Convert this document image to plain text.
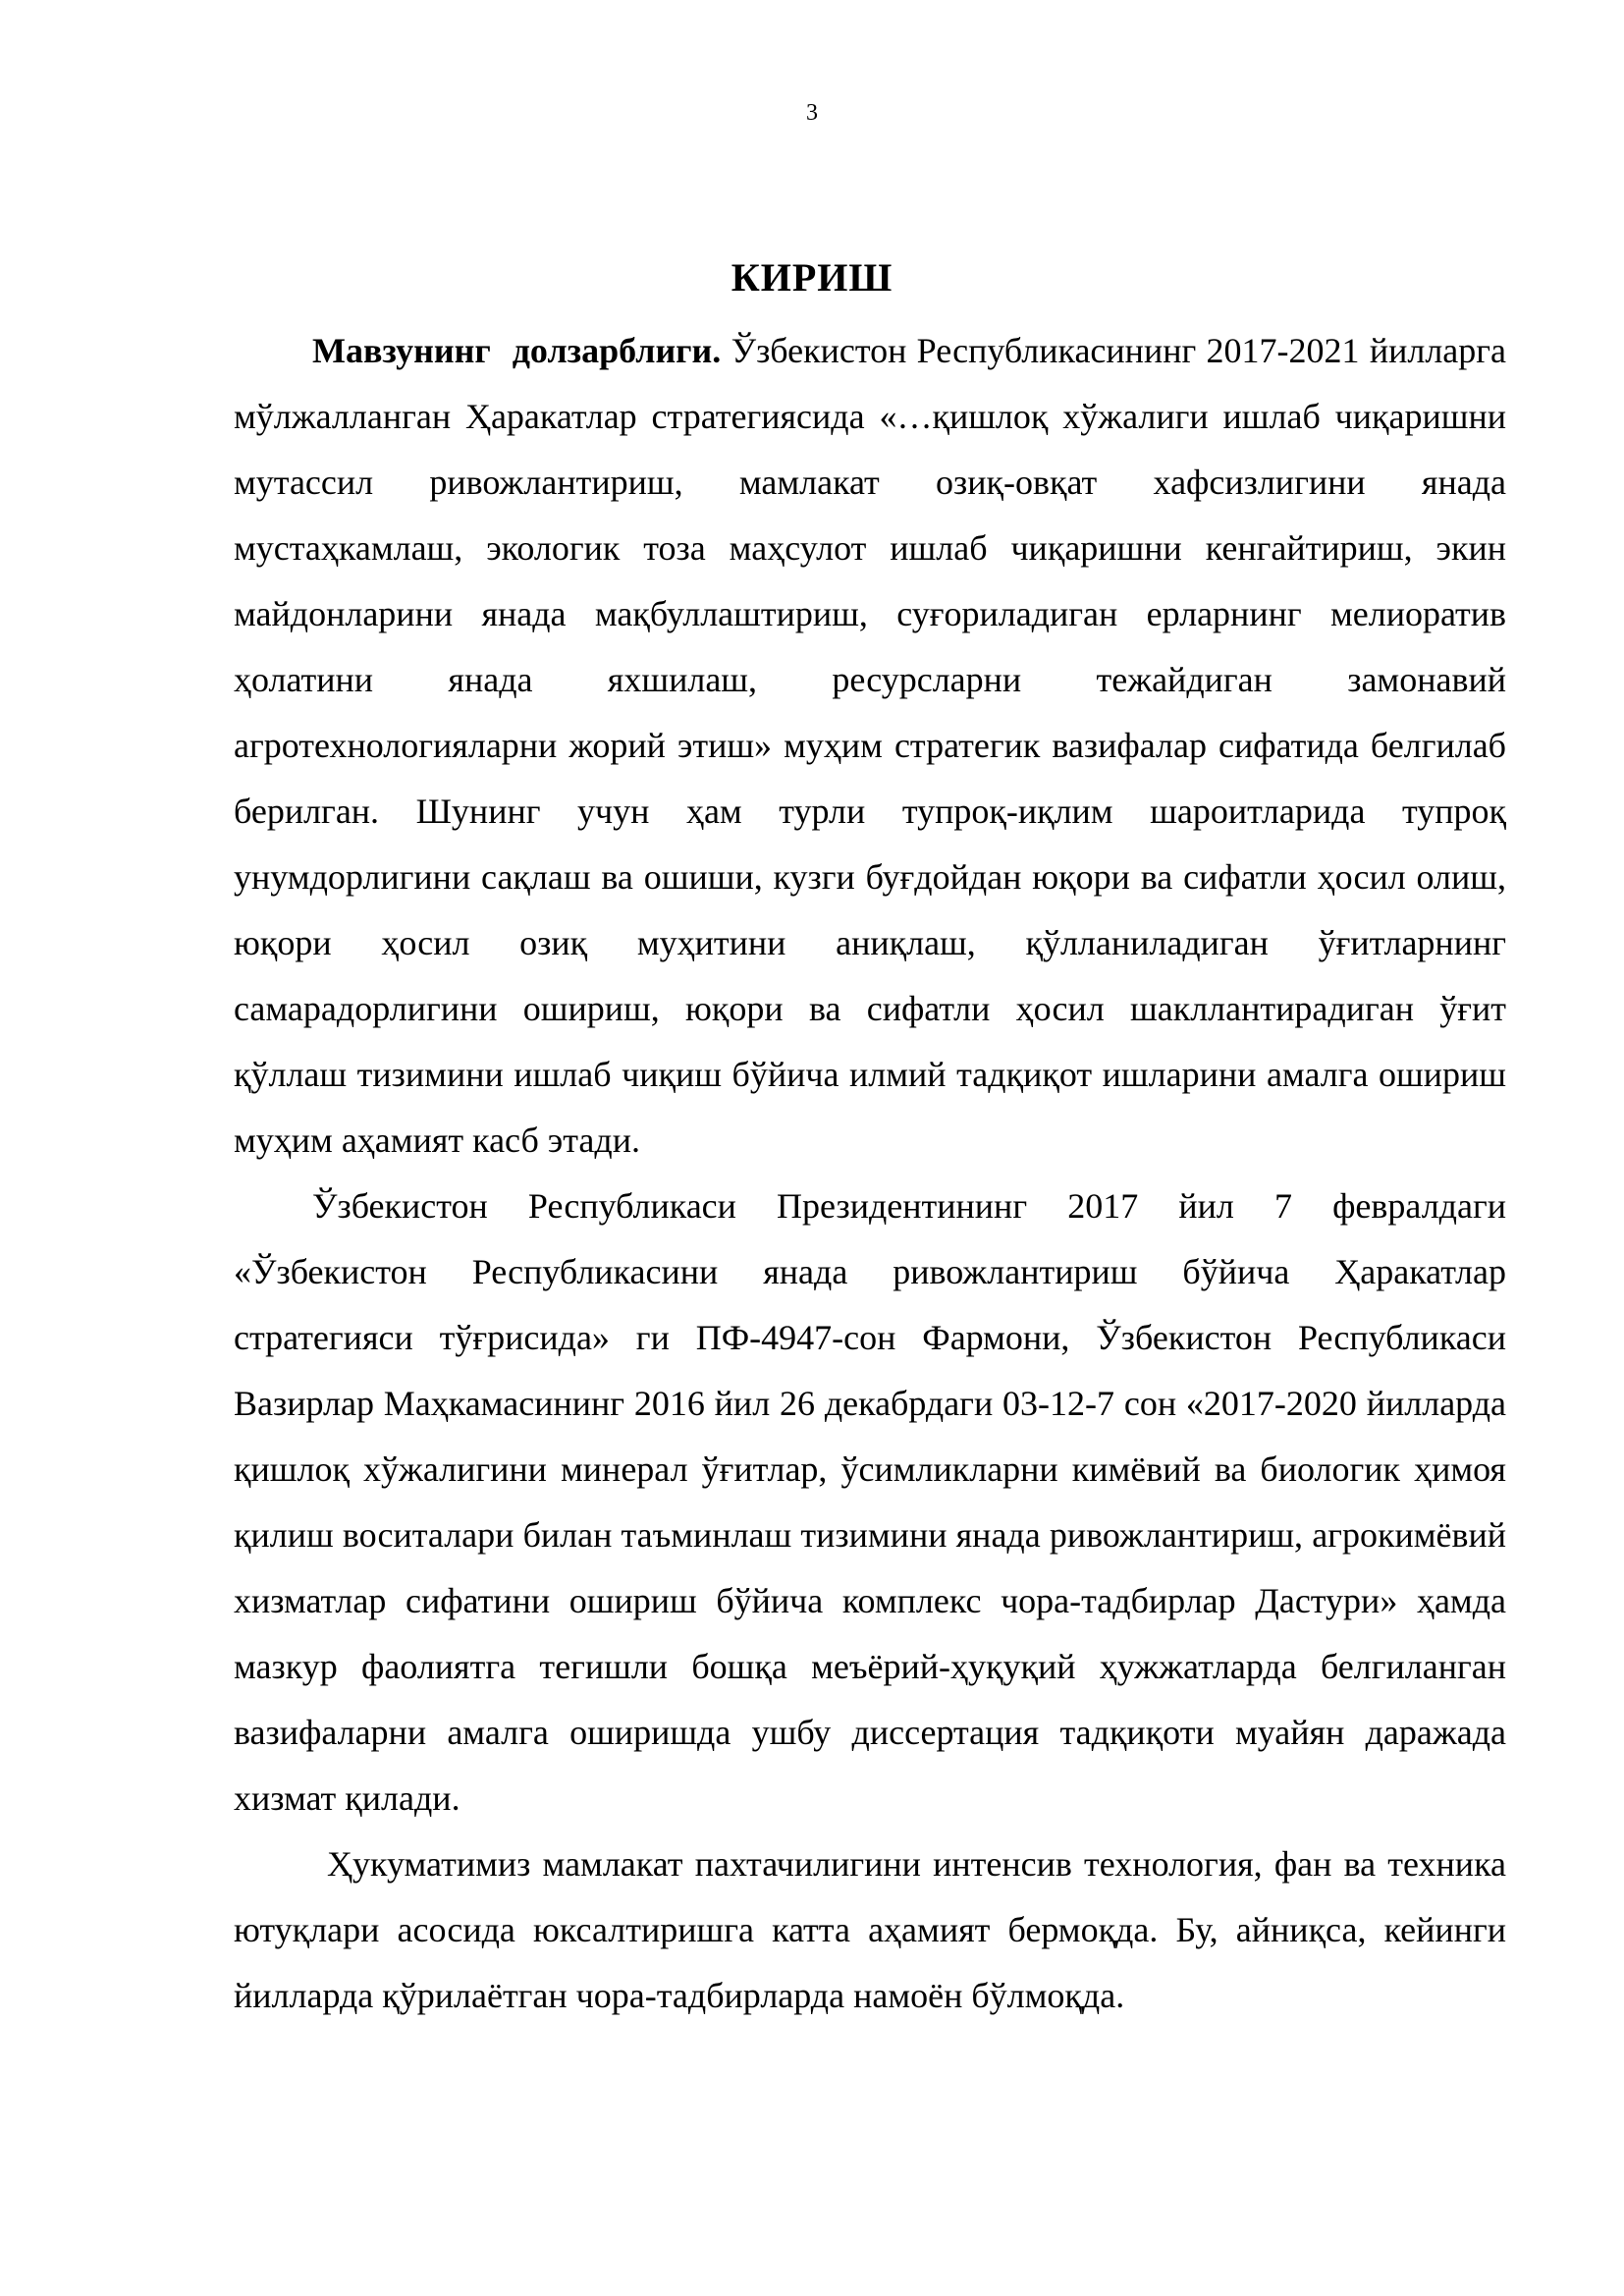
3
КИРИШ

Мавзунинг долзарблиги. Ўзбекистон Республикасининг 2017-2021 йилларга мўлжалланган Ҳаракатлар стратегиясида «…қишлоқ хўжалиги ишлаб чиқаришни мутассил ривожлантириш, мамлакат озиқ-овқат хафсизлигини янада мустаҳкамлаш, экологик тоза маҳсулот ишлаб чиқаришни кенгайтириш, экин майдонларини янада мақбуллаштириш, суғориладиган ерларнинг мелиоратив ҳолатини янада яхшилаш, ресурсларни тежайдиган замонавий агротехнологияларни жорий этиш» муҳим стратегик вазифалар сифатида белгилаб берилган. Шунинг учун ҳам турли тупроқ-иқлим шароитларида тупроқ унумдорлигини сақлаш ва ошиши, кузги буғдойдан юқори ва сифатли ҳосил олиш, юқори ҳосил озиқ муҳитини аниқлаш, қўлланиладиган ўғитларнинг самарадорлигини ошириш, юқори ва сифатли ҳосил шакллантирадиган ўғит қўллаш тизимини ишлаб чиқиш бўйича илмий тадқиқот ишларини амалга ошириш муҳим аҳамият касб этади.

Ўзбекистон Республикаси Президентининг 2017 йил 7 февралдаги «Ўзбекистон Республикасини янада ривожлантириш бўйича Ҳаракатлар стратегияси тўғрисида» ги ПФ-4947-сон Фармони, Ўзбекистон Республикаси Вазирлар Маҳкамасининг 2016 йил 26 декабрдаги 03-12-7 сон «2017-2020 йилларда қишлоқ хўжалигини минерал ўғитлар, ўсимликларни кимёвий ва биологик ҳимоя қилиш воситалари билан таъминлаш тизимини янада ривожлантириш, агрокимёвий хизматлар сифатини ошириш бўйича комплекс чора-тадбирлар Дастури» ҳамда мазкур фаолиятга тегишли бошқа меъёрий-ҳуқуқий ҳужжатларда белгиланган вазифаларни амалга оширишда ушбу диссертация тадқиқоти муайян даражада хизмат қилади.

Ҳукуматимиз мамлакат пахтачилигини интенсив технология, фан ва техника ютуқлари асосида юксалтиришга катта аҳамият бермоқда. Бу, айниқса, кейинги йилларда қўрилаётган чора-тадбирларда намоён бўлмоқда.
